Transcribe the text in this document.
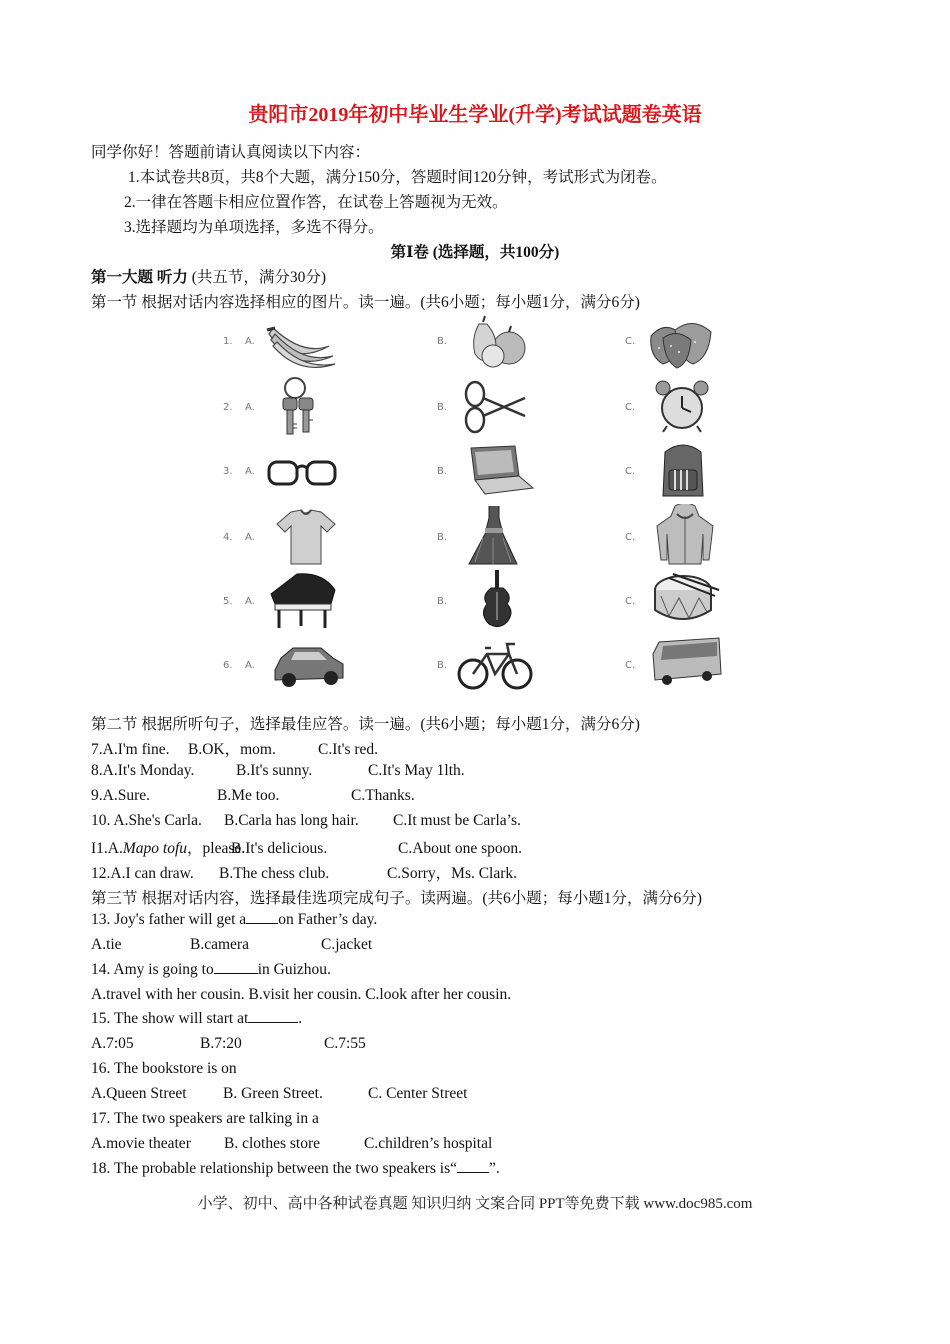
贵阳市2019年初中毕业生学业(升学)考试试题卷英语
同学你好！答题前请认真阅读以下内容：
1.本试卷共8页，共8个大题，满分150分，答题时间120分钟，考试形式为闭卷。
2.一律在答题卡相应位置作答，在试卷上答题视为无效。
3.选择题均为单项选择，多选不得分。
第Ⅰ卷 (选择题，共100分)
第一大题 听力 (共五节，满分30分)
第一节 根据对话内容选择相应的图片。读一遍。(共6小题；每小题1分，满分6分)
1. A.	B.	C.
2. A.	B.	C.
3. A.	B.	C.
4. A.	B.	C.
5. A.	B.	C.
6. A.	B.	C.
第二节 根据所听句子，选择最佳应答。读一遍。(共6小题；每小题1分，满分6分)
7.A.I'm fine. B.OK，mom.	C.It's red.
8.A.It's Monday.	B.It's sunny.	C.It's May 1lth.
9.A.Sure.	B.Me too.	C.Thanks.
10. A.She's Carla. B.Carla has long hair. C.It must be Carla’s.
I1.A.Mapo tofu，please.B.It's delicious.	C.About one spoon.
12.A.I can draw. B.The chess club.	C.Sorry，Ms. Clark.
第三节 根据对话内容，选择最佳选项完成句子。读两遍。(共6小题；每小题1分，满分6分)
13. Joy's father will get a on Father’s day.
A.tie	B.camera	C.jacket
14. Amy is going to	in Guizhou.
A.travel with her cousin. B.visit her cousin. C.look after her cousin.
15. The show will start at	.
A.7:05	B.7:20	C.7:55
16. The bookstore is on
A.Queen Street B. Green Street.	C. Center Street
17. The two speakers are talking in a
A.movie theater B. clothes store	C.children’s hospital
18. The probable relationship between the two speakers is“ ”.
小学、初中、高中各种试卷真题 知识归纳 文案合同 PPT等免费下载 www.doc985.com
